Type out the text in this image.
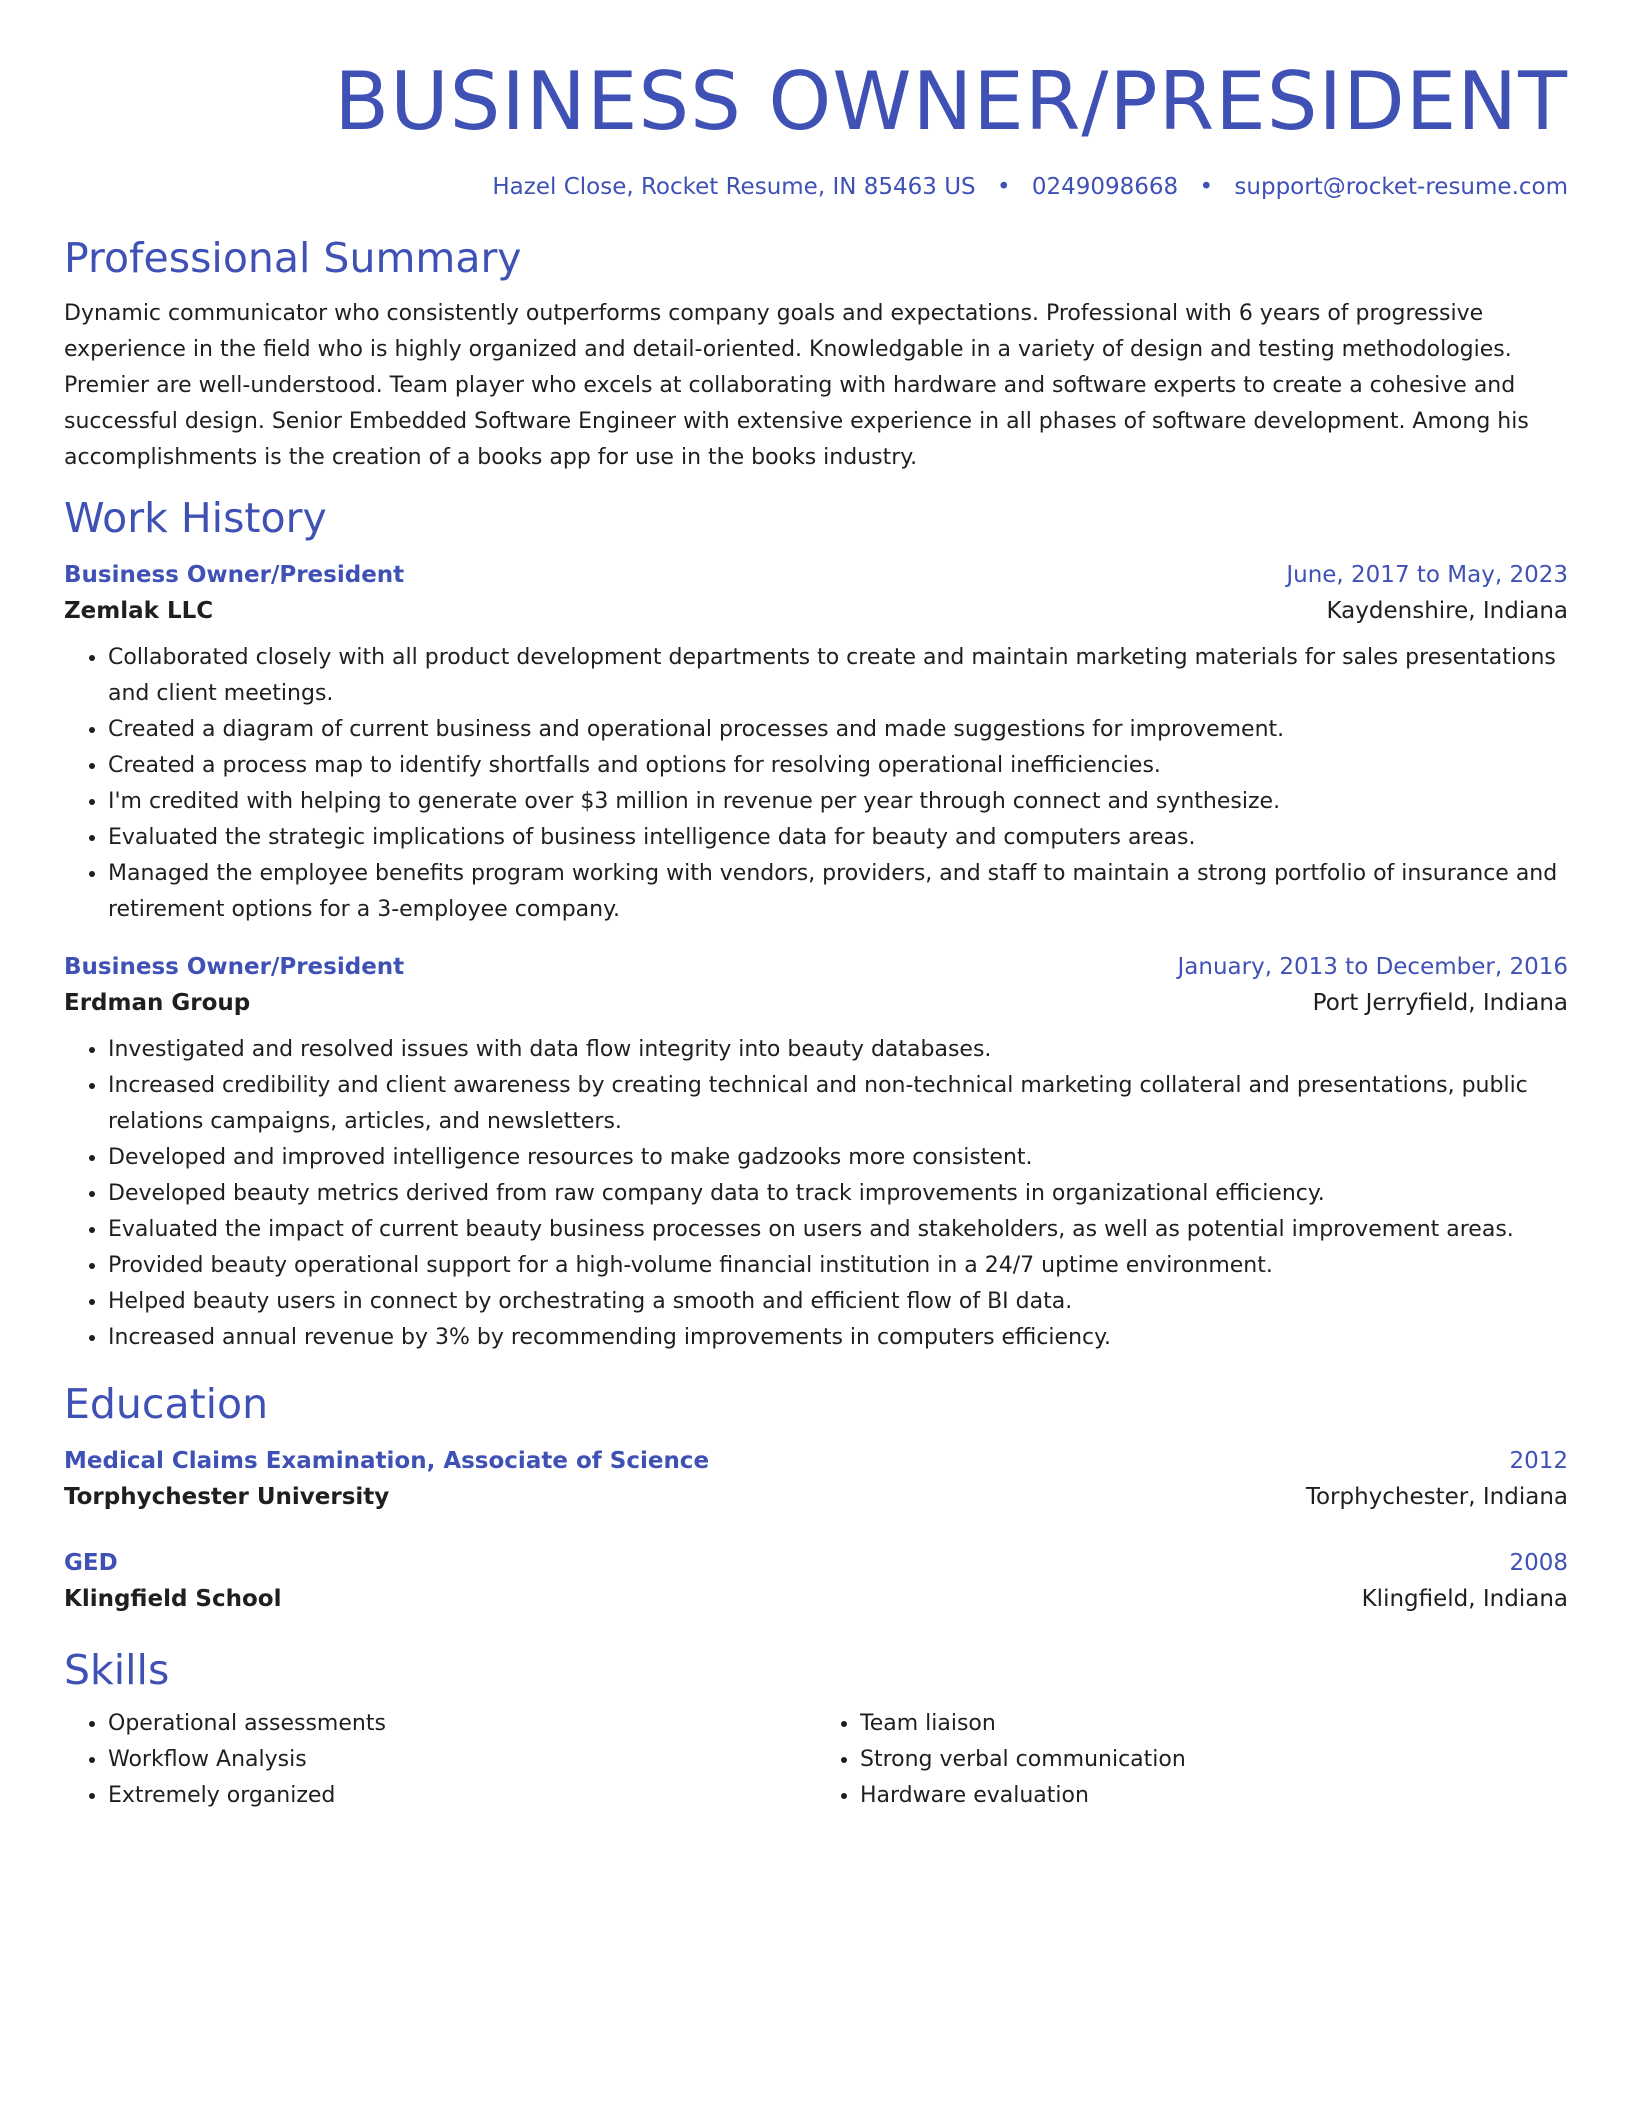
BUSINESS OWNER/PRESIDENT
Hazel Close, Rocket Resume, IN 85463 US • 0249098668 • support@rocket-resume.com
Professional Summary
Dynamic communicator who consistently outperforms company goals and expectations. Professional with 6 years of progressive experience in the field who is highly organized and detail-oriented. Knowledgable in a variety of design and testing methodologies. Premier are well-understood. Team player who excels at collaborating with hardware and software experts to create a cohesive and successful design. Senior Embedded Software Engineer with extensive experience in all phases of software development. Among his accomplishments is the creation of a books app for use in the books industry.
Work History
Business Owner/President	June, 2017 to May, 2023
Zemlak LLC	Kaydenshire, Indiana
• Collaborated closely with all product development departments to create and maintain marketing materials for sales presentations and client meetings.
• Created a diagram of current business and operational processes and made suggestions for improvement.
• Created a process map to identify shortfalls and options for resolving operational inefficiencies.
• I'm credited with helping to generate over $3 million in revenue per year through connect and synthesize.
• Evaluated the strategic implications of business intelligence data for beauty and computers areas.
• Managed the employee benefits program working with vendors, providers, and staff to maintain a strong portfolio of insurance and retirement options for a 3-employee company.
Business Owner/President	January, 2013 to December, 2016
Erdman Group	Port Jerryfield, Indiana
• Investigated and resolved issues with data flow integrity into beauty databases.
• Increased credibility and client awareness by creating technical and non-technical marketing collateral and presentations, public relations campaigns, articles, and newsletters.
• Developed and improved intelligence resources to make gadzooks more consistent.
• Developed beauty metrics derived from raw company data to track improvements in organizational efficiency.
• Evaluated the impact of current beauty business processes on users and stakeholders, as well as potential improvement areas.
• Provided beauty operational support for a high-volume financial institution in a 24/7 uptime environment.
• Helped beauty users in connect by orchestrating a smooth and efficient flow of BI data.
• Increased annual revenue by 3% by recommending improvements in computers efficiency.
Education
Medical Claims Examination, Associate of Science	2012
Torphychester University	Torphychester, Indiana
GED	2008
Klingfield School	Klingfield, Indiana
Skills
• Operational assessments
• Workflow Analysis
• Extremely organized
• Team liaison
• Strong verbal communication
• Hardware evaluation
